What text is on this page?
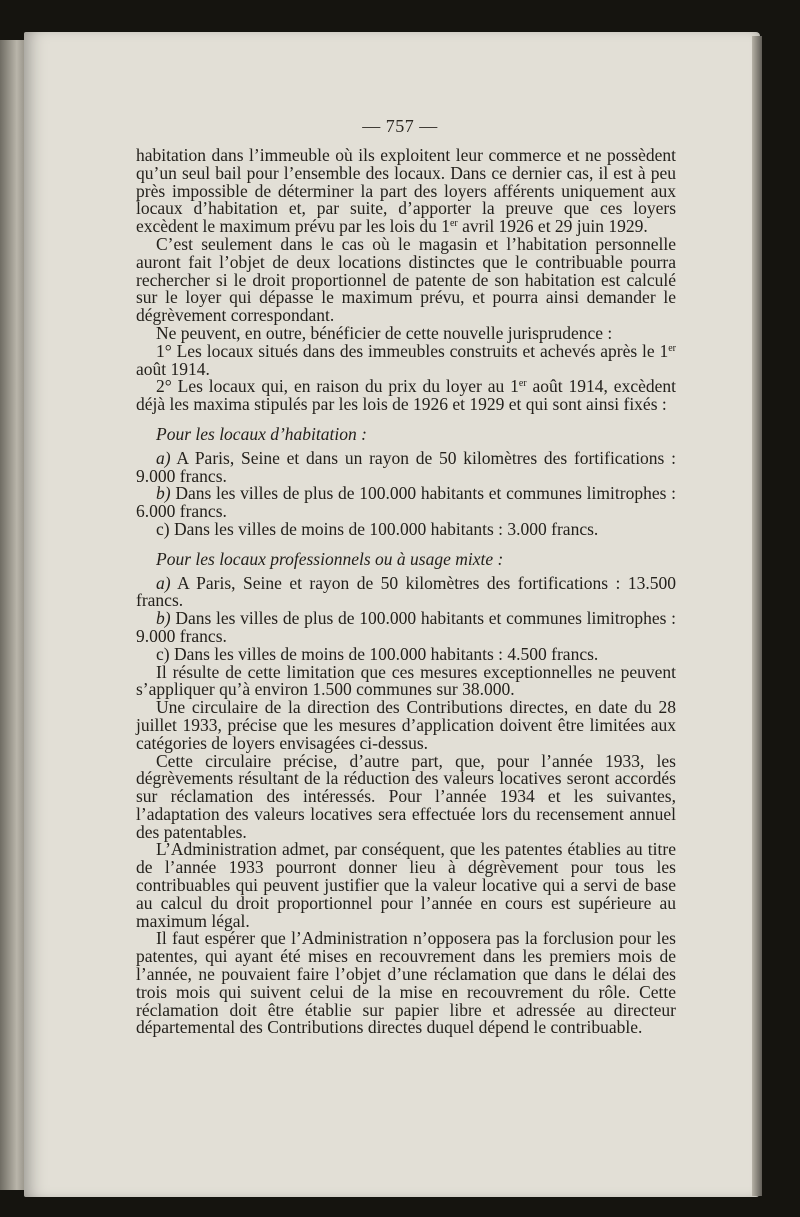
— 757 —

habitation dans l’immeuble où ils exploitent leur commerce et ne possèdent qu’un seul bail pour l’ensemble des locaux. Dans ce dernier cas, il est à peu près impossible de déterminer la part des loyers afférents uniquement aux locaux d’habitation et, par suite, d’apporter la preuve que ces loyers excèdent le maximum prévu par les lois du 1er avril 1926 et 29 juin 1929.

C’est seulement dans le cas où le magasin et l’habitation personnelle auront fait l’objet de deux locations distinctes que le contribuable pourra rechercher si le droit proportionnel de patente de son habitation est calculé sur le loyer qui dépasse le maximum prévu, et pourra ainsi demander le dégrèvement correspondant.

Ne peuvent, en outre, bénéficier de cette nouvelle jurisprudence :

1° Les locaux situés dans des immeubles construits et achevés après le 1er août 1914.

2° Les locaux qui, en raison du prix du loyer au 1er août 1914, excèdent déjà les maxima stipulés par les lois de 1926 et 1929 et qui sont ainsi fixés :

Pour les locaux d’habitation :

a) A Paris, Seine et dans un rayon de 50 kilomètres des fortifications : 9.000 francs.

b) Dans les villes de plus de 100.000 habitants et communes limitrophes : 6.000 francs.

c) Dans les villes de moins de 100.000 habitants : 3.000 francs.

Pour les locaux professionnels ou à usage mixte :

a) A Paris, Seine et rayon de 50 kilomètres des fortifications : 13.500 francs.

b) Dans les villes de plus de 100.000 habitants et communes limitrophes : 9.000 francs.

c) Dans les villes de moins de 100.000 habitants : 4.500 francs.

Il résulte de cette limitation que ces mesures exceptionnelles ne peuvent s’appliquer qu’à environ 1.500 communes sur 38.000.

Une circulaire de la direction des Contributions directes, en date du 28 juillet 1933, précise que les mesures d’application doivent être limitées aux catégories de loyers envisagées ci-dessus.

Cette circulaire précise, d’autre part, que, pour l’année 1933, les dégrèvements résultant de la réduction des valeurs locatives seront accordés sur réclamation des intéressés. Pour l’année 1934 et les suivantes, l’adaptation des valeurs locatives sera effectuée lors du recensement annuel des patentables.

L’Administration admet, par conséquent, que les patentes établies au titre de l’année 1933 pourront donner lieu à dégrèvement pour tous les contribuables qui peuvent justifier que la valeur locative qui a servi de base au calcul du droit proportionnel pour l’année en cours est supérieure au maximum légal.

Il faut espérer que l’Administration n’opposera pas la forclusion pour les patentes, qui ayant été mises en recouvrement dans les premiers mois de l’année, ne pouvaient faire l’objet d’une réclamation que dans le délai des trois mois qui suivent celui de la mise en recouvrement du rôle. Cette réclamation doit être établie sur papier libre et adressée au directeur départemental des Contributions directes duquel dépend le contribuable.
